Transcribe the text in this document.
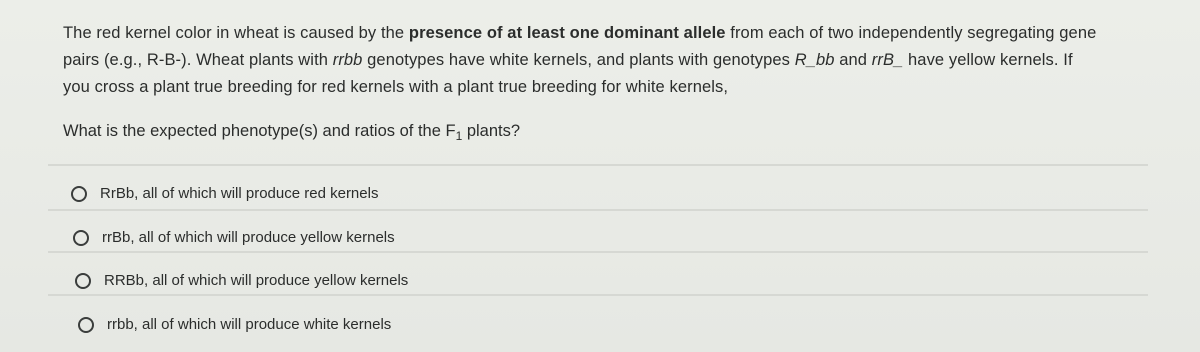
The red kernel color in wheat is caused by the presence of at least one dominant allele from each of two independently segregating gene
pairs (e.g., R-B-). Wheat plants with rrbb genotypes have white kernels, and plants with genotypes R_bb and rrB_ have yellow kernels. If
you cross a plant true breeding for red kernels with a plant true breeding for white kernels,
What is the expected phenotype(s) and ratios of the $F_1$ plants?
RrBb, all of which will produce red kernels
rrBb, all of which will produce yellow kernels
RRBb, all of which will produce yellow kernels
rrbb, all of which will produce white kernels
